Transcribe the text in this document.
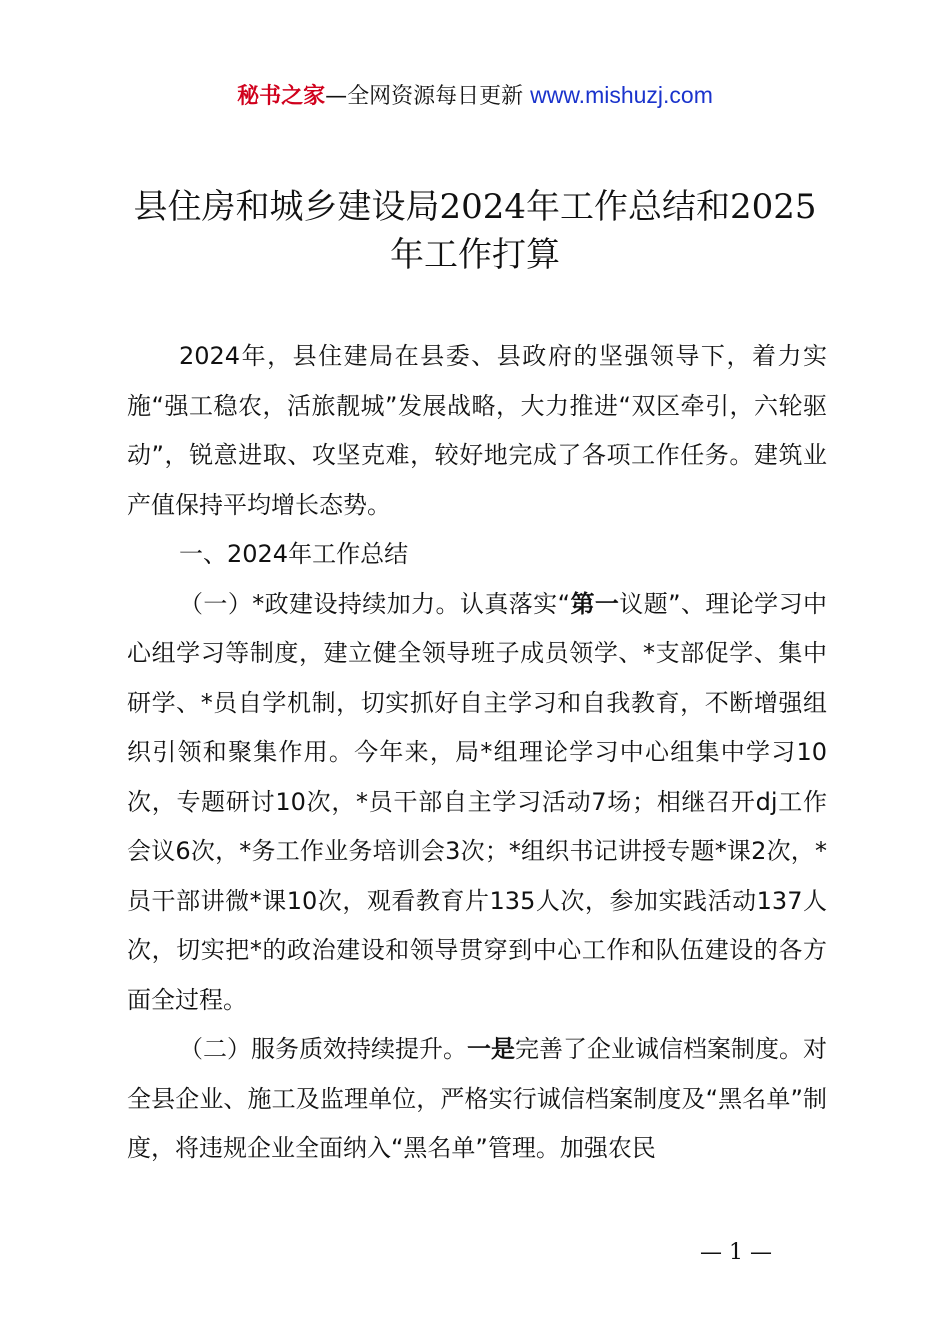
秘书之家—全网资源每日更新 www.mishuzj.com
县住房和城乡建设局2024年工作总结和2025
年工作打算

2024年，县住建局在县委、县政府的坚强领导下，着力实施“强工稳农，活旅靓城”发展战略，大力推进“双区牵引，六轮驱动”，锐意进取、攻坚克难，较好地完成了各项工作任务。建筑业产值保持平均增长态势。

一、2024年工作总结

（一）*政建设持续加力。认真落实“第一议题”、理论学习中心组学习等制度，建立健全领导班子成员领学、*支部促学、集中研学、*员自学机制，切实抓好自主学习和自我教育，不断增强组织引领和聚集作用。今年来，局*组理论学习中心组集中学习10次，专题研讨10次，*员干部自主学习活动7场；相继召开dj工作会议6次，*务工作业务培训会3次；*组织书记讲授专题*课2次，*员干部讲微*课10次，观看教育片135人次，参加实践活动137人次，切实把*的政治建设和领导贯穿到中心工作和队伍建设的各方面全过程。

（二）服务质效持续提升。一是完善了企业诚信档案制度。对全县企业、施工及监理单位，严格实行诚信档案制度及“黑名单”制度，将违规企业全面纳入“黑名单”管理。加强农民

— 1 —
